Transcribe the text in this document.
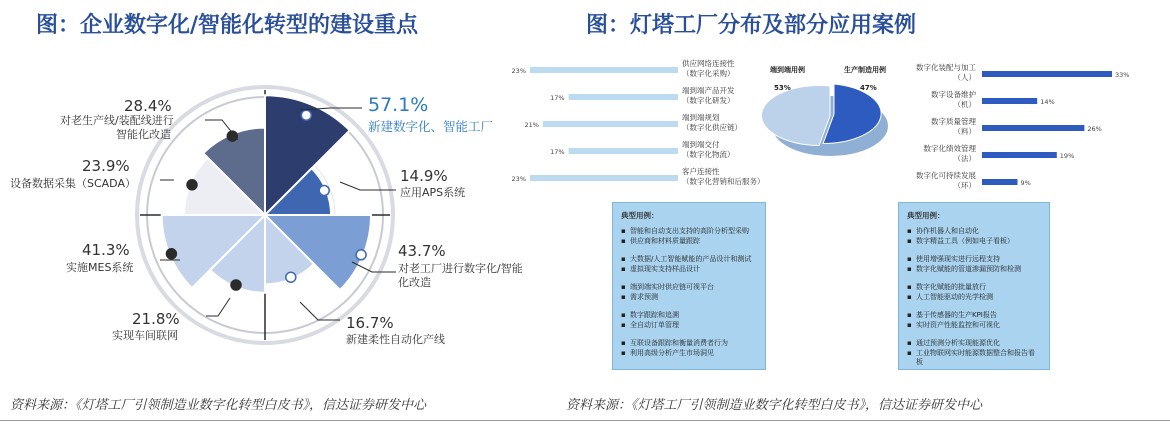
图：企业数字化/智能化转型的建设重点	图：灯塔工厂分布及部分应用案例
57.1%
新建数字化、智能工厂
14.9%
应用APS系统
43.7%
对老工厂进行数字化/智能
化改造
16.7%
新建柔性自动化产线
21.8%
实现车间联网
41.3%
实施MES系统
23.9%
设备数据采集（SCADA）
28.4%
对老生产线/装配线进行
智能化改造
23%
供应网络连接性
（数字化采购）
17%
端到端产品开发
（数字化研发）
21%
端到端规划
（数字化供应链）
17%
端到端交付
（数字化物流）
23%
客户连接性
（数字化营销和后服务）
端到端用例	生产制造用例
53%	47%
33%
数字化装配与加工
（人）
14%
数字设备维护
（机）
26%
数字质量管理
（料）
19%
数字化绩效管理
（法）
9%
数字化可持续发展
（环）
典型用例：
▪ 智能和自动支出支持的高阶分析型采购
▪ 供应商和材料质量跟踪
▪ 大数据/人工智能赋能的产品设计和测试
▪ 虚拟现实支持样品设计
▪ 端到端实时供应链可视平台
▪ 需求预测
▪ 数字跟踪和追溯
▪ 全自动订单管理
▪ 互联设备跟踪和衡量消费者行为
▪ 利用高级分析产生市场洞见
典型用例：
▪ 协作机器人和自动化
▪ 数字精益工具（例如电子看板）
▪ 使用增强现实进行远程支持
▪ 数字化赋能的管道渗漏预防和检测
▪ 数字化赋能的批量放行
▪ 人工智能驱动的光学检测
▪ 基于传感器的生产KPI报告
▪ 实时资产性能监控和可视化
▪ 通过预测分析实现能源优化
▪ 工业物联网实时能源数据整合和报告看板
资料来源：《灯塔工厂引领制造业数字化转型白皮书》，信达证券研发中心	资料来源：《灯塔工厂引领制造业数字化转型白皮书》，信达证券研发中心
